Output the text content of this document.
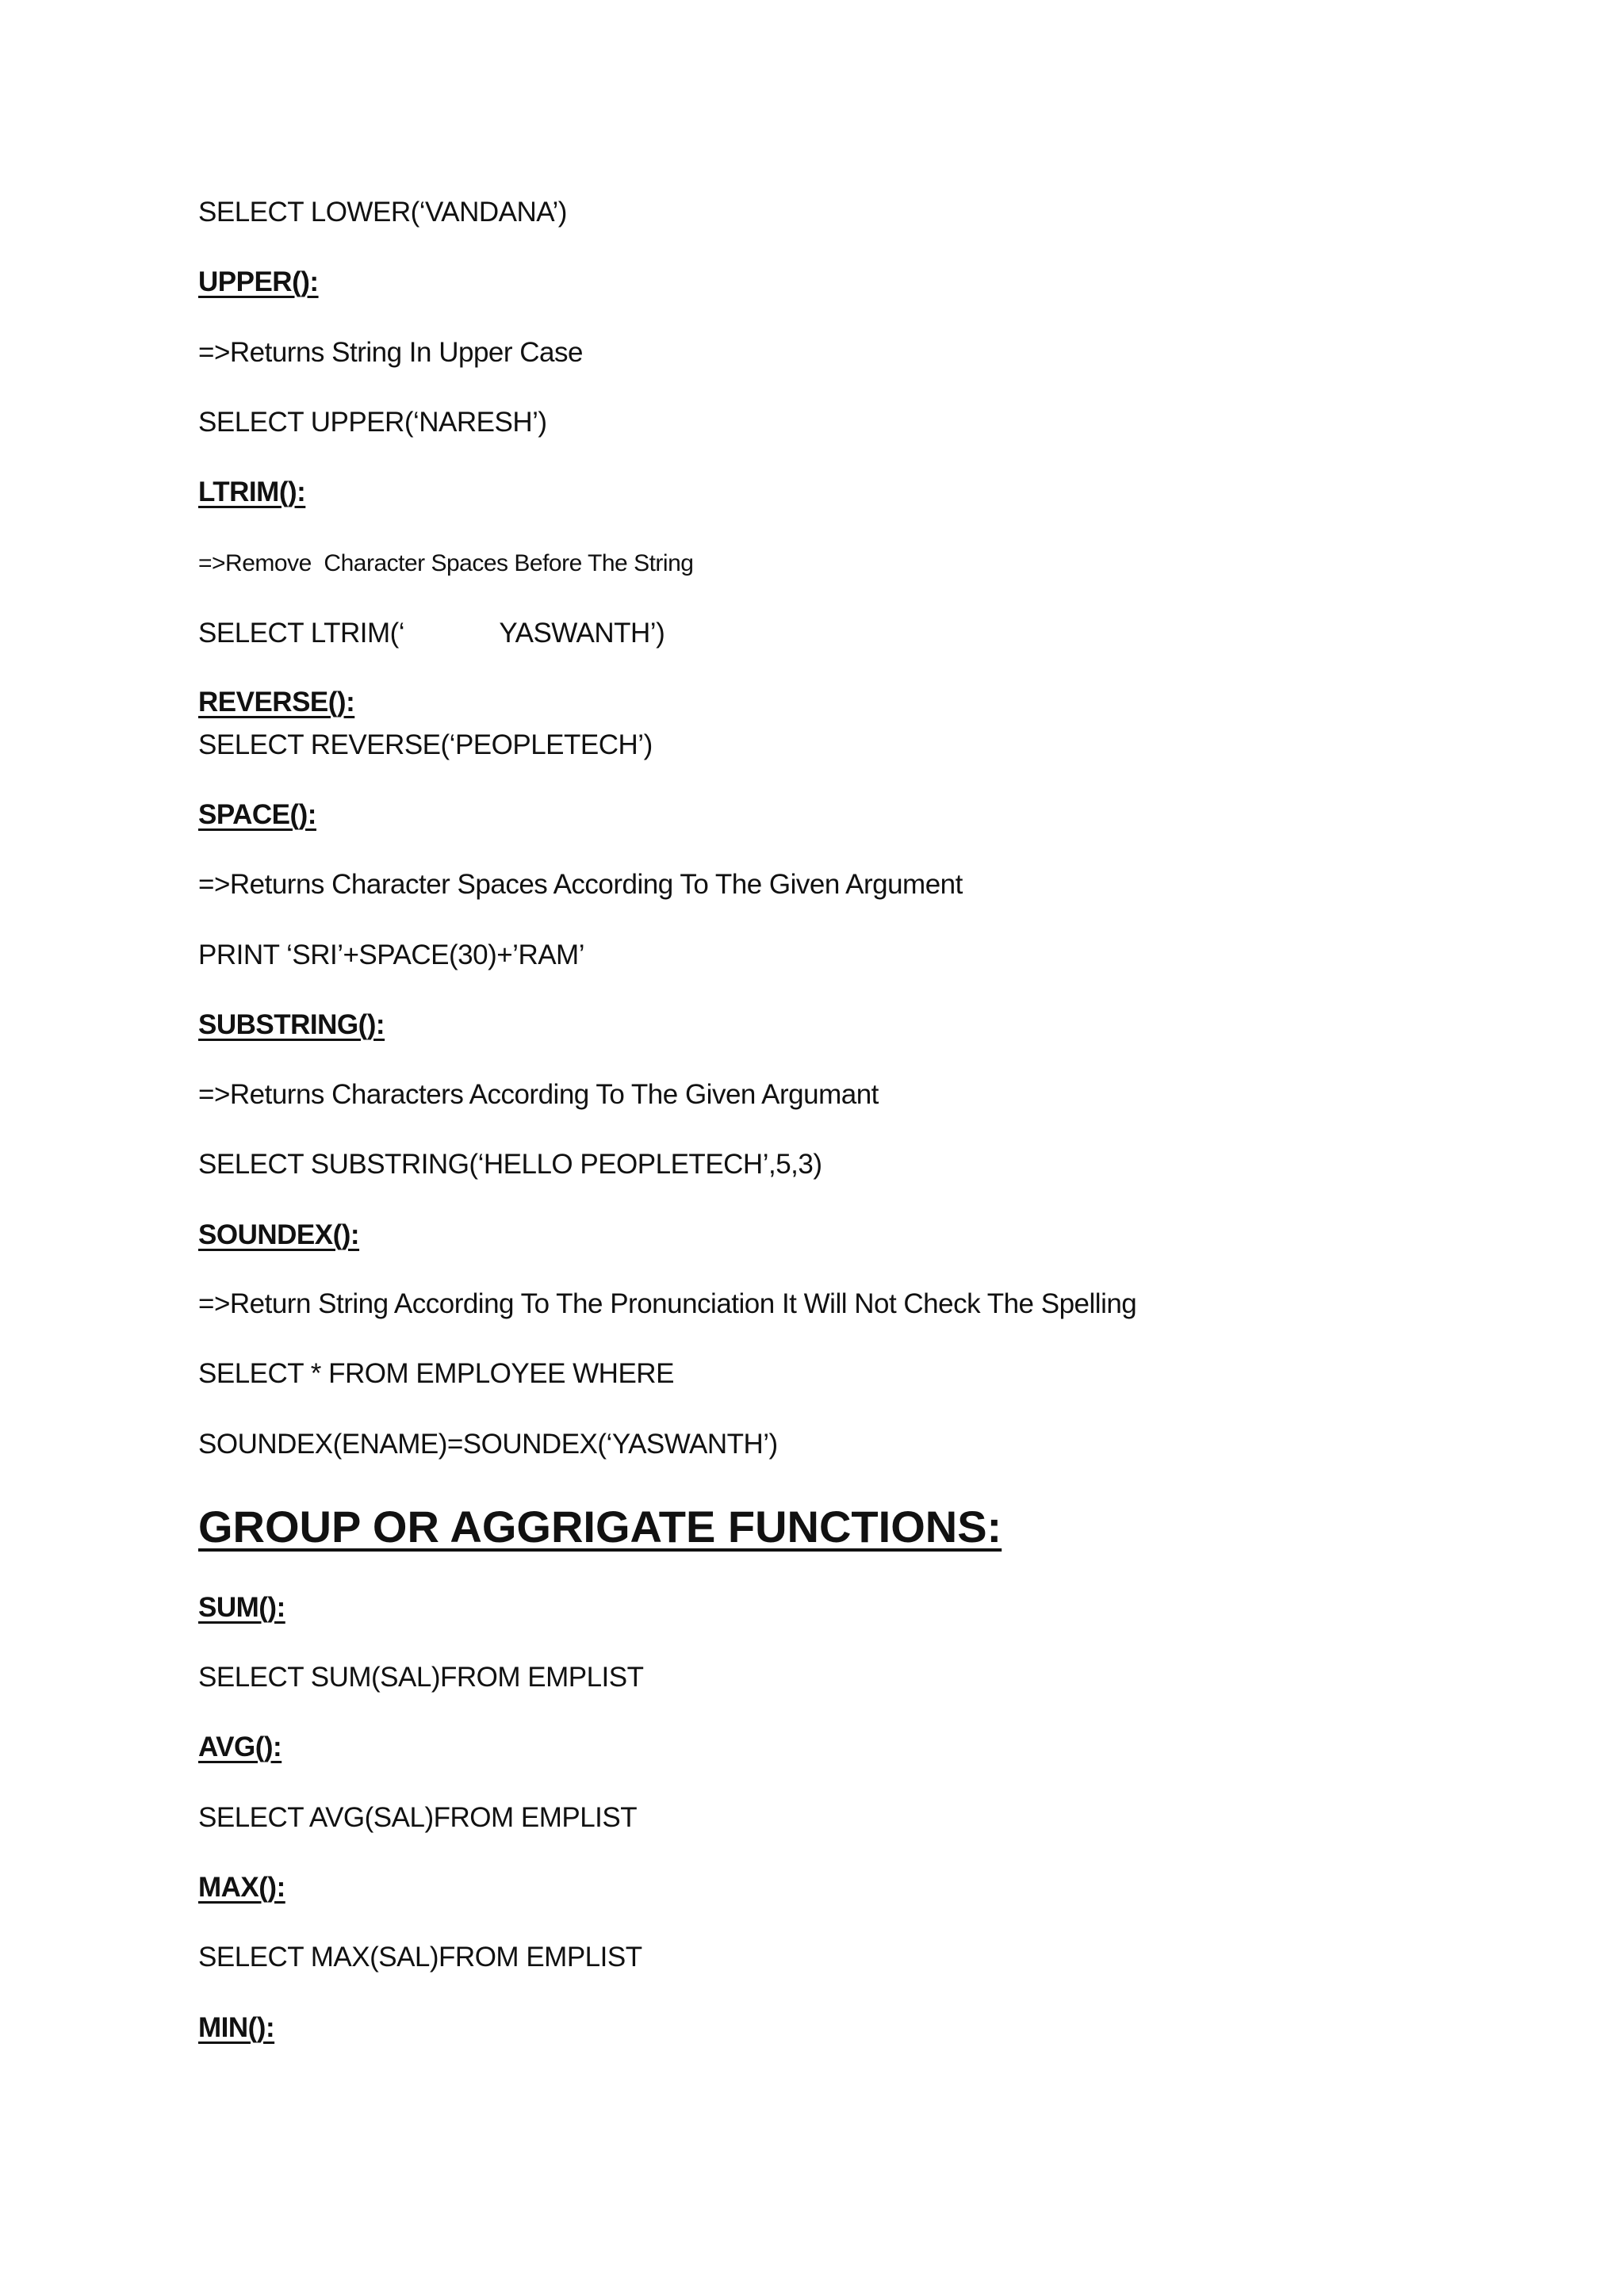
SELECT LOWER(‘VANDANA’)
UPPER():
=>Returns String In Upper Case
SELECT UPPER(‘NARESH’)
LTRIM():
=>Remove  Character Spaces Before The String
SELECT LTRIM(‘             YASWANTH’)
REVERSE():
SELECT REVERSE(‘PEOPLETECH’)
SPACE():
=>Returns Character Spaces According To The Given Argument
PRINT ‘SRI’+SPACE(30)+’RAM’
SUBSTRING():
=>Returns Characters According To The Given Argumant
SELECT SUBSTRING(‘HELLO PEOPLETECH’,5,3)
SOUNDEX():
=>Return String According To The Pronunciation It Will Not Check The Spelling
SELECT * FROM EMPLOYEE WHERE
SOUNDEX(ENAME)=SOUNDEX(‘YASWANTH’)
GROUP OR AGGRIGATE FUNCTIONS:
SUM():
SELECT SUM(SAL)FROM EMPLIST
AVG():
SELECT AVG(SAL)FROM EMPLIST
MAX():
SELECT MAX(SAL)FROM EMPLIST
MIN():
